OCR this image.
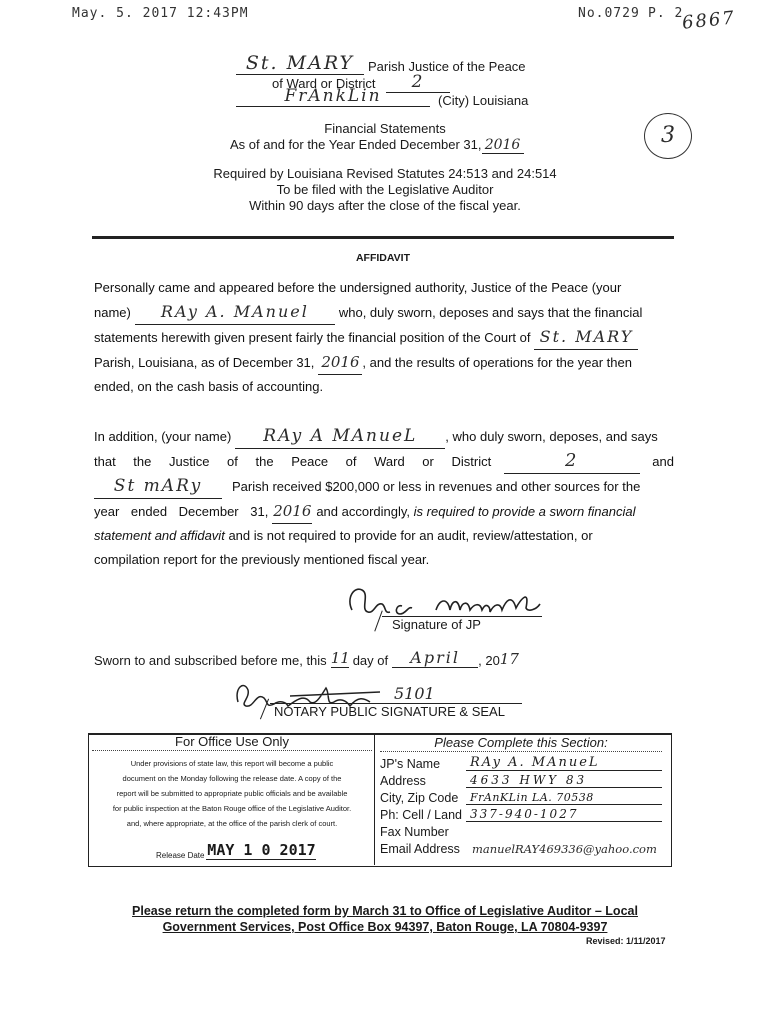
May. 5. 2017 12:43PM	No.0729 P. 2
6867
St. MARY	Parish Justice of the Peace
of Ward or District	2
FrAnkLin	(City) Louisiana
3
Financial Statements
As of and for the Year Ended December 31, 2016
Required by Louisiana Revised Statutes 24:513 and 24:514
To be filed with the Legislative Auditor
Within 90 days after the close of the fiscal year.
AFFIDAVIT
Personally came and appeared before the undersigned authority, Justice of the Peace (your
name)	RAy A. MAnuel	who, duly sworn, deposes and says that the financial
statements herewith given present fairly the financial position of the Court of St. MARY
Parish, Louisiana, as of December 31, 2016 , and the results of operations for the year then
ended, on the cash basis of accounting.
In addition, (your name)	RAy A MAnueL	, who duly sworn, deposes, and says
that the Justice of the Peace of Ward or District	2	and
St mARy	Parish received $200,000 or less in revenues and other sources for the
year ended December 31, 2016 and accordingly,
is required to provide a sworn financial
statement and affidavit and is not required to provide for an audit, review/attestation, or
compilation report for the previously mentioned fiscal year.
Signature of JP
Sworn to and subscribed before me, this 11 day of	April	, 20 17
5101
NOTARY PUBLIC SIGNATURE & SEAL
For Office Use Only
Under provisions of state law, this report will become a public
document on the Monday following the release date. A copy of the
report will be submitted to appropriate public officials and be available
for public inspection at the Baton Rouge office of the Legislative Auditor.
and, where appropriate, at the office of the parish clerk of court.
Release Date MAY 1 0 2017
Please Complete this Section:
JP's Name	RAy A. MAnueL
Address	4633 HWY 83
City, Zip Code	FrAnKLin LA. 70538
Ph: Cell / Land 337-940-1027
Fax Number
Email Address	manuelRAY469336@yahoo.com
Please return the completed form by March 31 to Office of Legislative Auditor – Local
Government Services, Post Office Box 94397, Baton Rouge, LA 70804-9397
Revised: 1/11/2017
